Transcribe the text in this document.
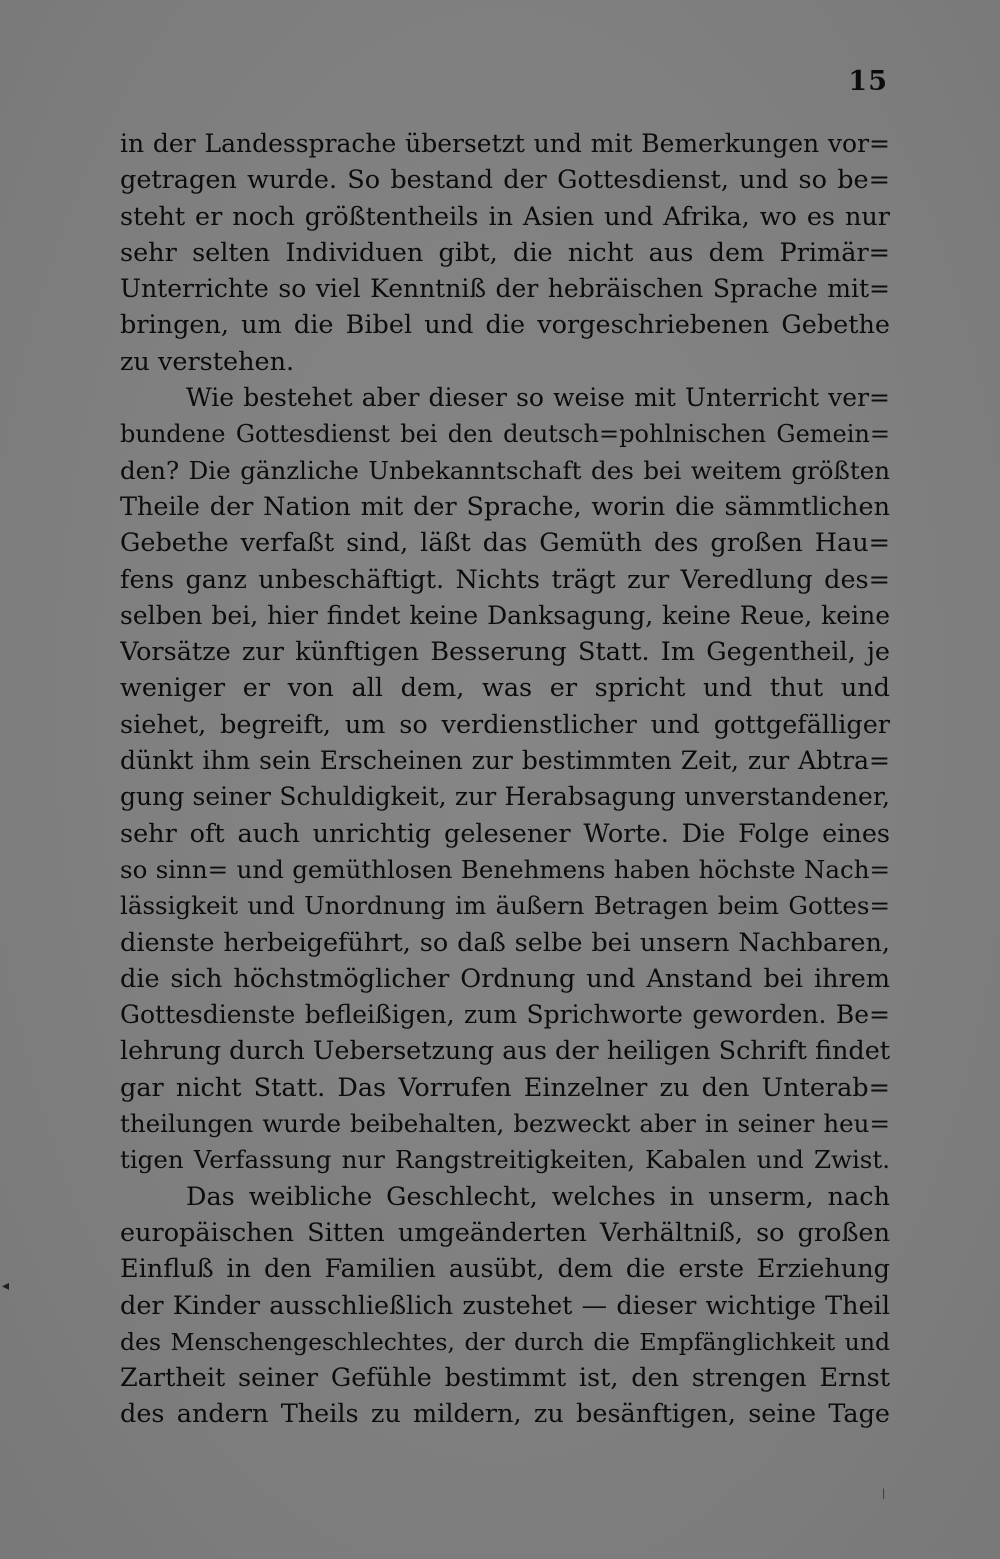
15
in der Landessprache übersetzt und mit Bemerkungen vor=
getragen wurde. So bestand der Gottesdienst, und so be=
steht er noch größtentheils in Asien und Afrika, wo es nur
sehr selten Individuen gibt, die nicht aus dem Primär=
Unterrichte so viel Kenntniß der hebräischen Sprache mit=
bringen, um die Bibel und die vorgeschriebenen Gebethe
zu verstehen.
Wie bestehet aber dieser so weise mit Unterricht ver=
bundene Gottesdienst bei den deutsch=pohlnischen Gemein=
den? Die gänzliche Unbekanntschaft des bei weitem größten
Theile der Nation mit der Sprache, worin die sämmtlichen
Gebethe verfaßt sind, läßt das Gemüth des großen Hau=
fens ganz unbeschäftigt. Nichts trägt zur Veredlung des=
selben bei, hier findet keine Danksagung, keine Reue, keine
Vorsätze zur künftigen Besserung Statt. Im Gegentheil, je
weniger er von all dem, was er spricht und thut und
siehet, begreift, um so verdienstlicher und gottgefälliger
dünkt ihm sein Erscheinen zur bestimmten Zeit, zur Abtra=
gung seiner Schuldigkeit, zur Herabsagung unverstandener,
sehr oft auch unrichtig gelesener Worte. Die Folge eines
so sinn= und gemüthlosen Benehmens haben höchste Nach=
lässigkeit und Unordnung im äußern Betragen beim Gottes=
dienste herbeigeführt, so daß selbe bei unsern Nachbaren,
die sich höchstmöglicher Ordnung und Anstand bei ihrem
Gottesdienste befleißigen, zum Sprichworte geworden. Be=
lehrung durch Uebersetzung aus der heiligen Schrift findet
gar nicht Statt. Das Vorrufen Einzelner zu den Unterab=
theilungen wurde beibehalten, bezweckt aber in seiner heu=
tigen Verfassung nur Rangstreitigkeiten, Kabalen und Zwist.
Das weibliche Geschlecht, welches in unserm, nach
europäischen Sitten umgeänderten Verhältniß, so großen
Einfluß in den Familien ausübt, dem die erste Erziehung
der Kinder ausschließlich zustehet — dieser wichtige Theil
des Menschengeschlechtes, der durch die Empfänglichkeit und
Zartheit seiner Gefühle bestimmt ist, den strengen Ernst
des andern Theils zu mildern, zu besänftigen, seine Tage
◂
|
